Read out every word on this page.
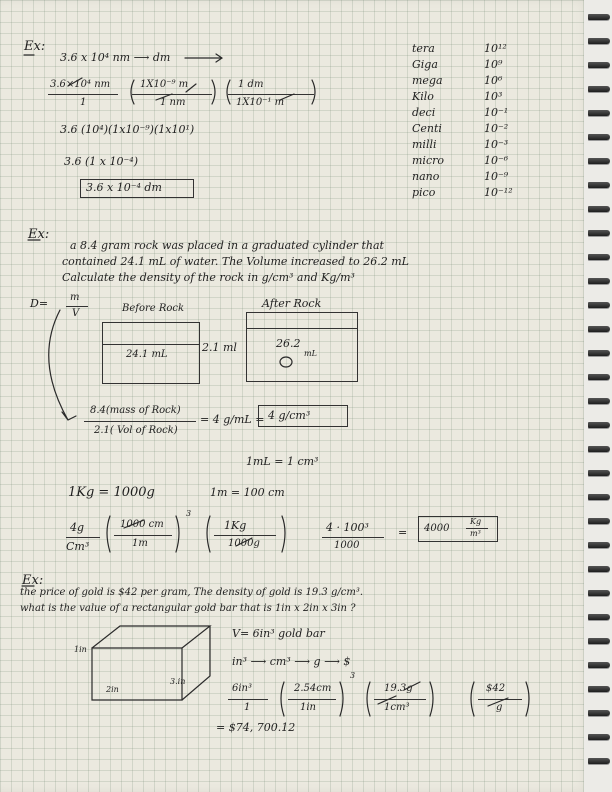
Ex:
3.6 x 10⁴ nm ⟶ dm
3.6×10⁴ nm
1
1X10⁻⁹ m
1 nm
1 dm
1X10⁻¹ m
3.6 (10⁴)(1x10⁻⁹)(1x10¹)
3.6 (1 x 10⁻⁴)
3.6 x 10⁻⁴ dm
tera	10¹²
Giga	10⁹
mega	10⁶
Kilo	10³
deci	10⁻¹
Centi	10⁻²
milli	10⁻³
micro	10⁻⁶
nano	10⁻⁹
pico	10⁻¹²
Ex:
a 8.4 gram rock was placed in a graduated cylinder that
contained 24.1 mL of water. The Volume increased to 26.2 mL
Calculate the density of the rock in g/cm³ and Kg/m³
D= m
V	Before Rock
24.1 mL
2.1 ml
After Rock
26.2
mL
8.4(mass of Rock)
2.1( Vol of Rock)
= 4 g/mL = 4 g/cm³
1mL = 1 cm³
1Kg = 1000g	1m = 100 cm
4g
Cm³
1000 cm
1m
3
1Kg
1000g
4 · 100³
1000
= 4000
Kg
m³
Ex:
the price of gold is $42 per gram, The density of gold is 19.3 g/cm³.
what is the value of a rectangular gold bar that is 1in x 2in x 3in ?
1in
2in
3.in
V= 6in³ gold bar
in³ ⟶ cm³ ⟶ g ⟶ $
6in³
1
2.54cm
1in
3
19.3g
1cm³
$42
g
= $74, 700.12
